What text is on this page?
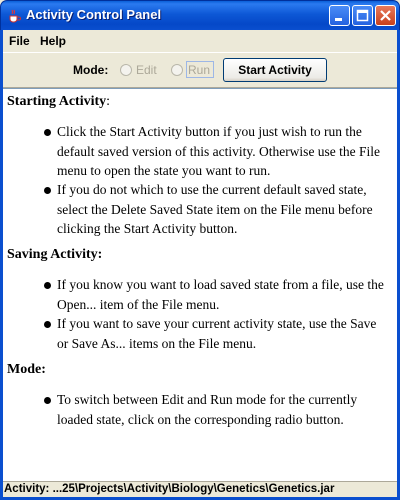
Activity Control Panel
File Help
Mode: Edit	Run	Start Activity
Starting Activity:
Click the Start Activity button if you just wish to run the default saved version of this activity. Otherwise use the File menu to open the state you want to run.
If you do not which to use the current default saved state, select the Delete Saved State item on the File menu before clicking the Start Activity button.
Saving Activity:
If you know you want to load saved state from a file, use the Open... item of the File menu.
If you want to save your current activity state, use the Save or Save As... items on the File menu.
Mode:
To switch between Edit and Run mode for the currently loaded state, click on the corresponding radio button.
Activity: ...25\Projects\Activity\Biology\Genetics\Genetics.jar
